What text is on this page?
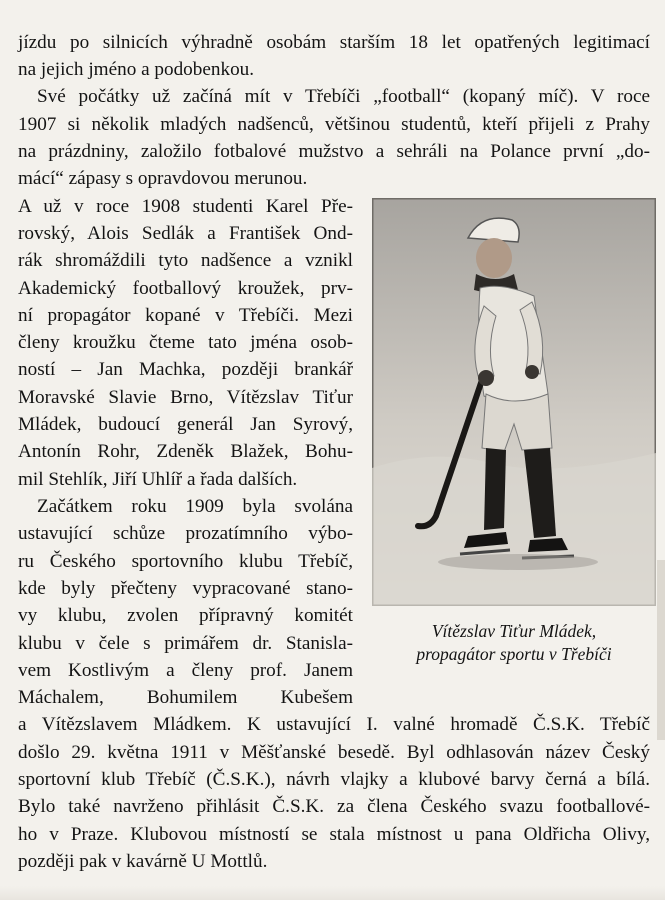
jízdu po silnicích výhradně osobám starším 18 let opatřených legitimací
na jejich jméno a podobenkou.
Své počátky už začíná mít v Třebíči „football“ (kopaný míč). V roce
1907 si několik mladých nadšenců, většinou studentů, kteří přijeli z Prahy
na prázdniny, založilo fotbalové mužstvo a sehráli na Polance první „do-
mácí“ zápasy s opravdovou merunou.
A už v roce 1908 studenti Karel Pře-
rovský, Alois Sedlák a František Ond-
rák shromáždili tyto nadšence a vznikl
Akademický footballový kroužek, prv-
ní propagátor kopané v Třebíči. Mezi
členy kroužku čteme tato jména osob-
ností – Jan Machka, později brankář
Moravské Slavie Brno, Vítězslav Tiťur
Mládek, budoucí generál Jan Syrový,
Antonín Rohr, Zdeněk Blažek, Bohu-
mil Stehlík, Jiří Uhlíř a řada dalších.
Začátkem roku 1909 byla svolána
ustavující schůze prozatímního výbo-
ru Českého sportovního klubu Třebíč,
kde byly přečteny vypracované stano-
vy klubu, zvolen přípravný komitét
klubu v čele s primářem dr. Stanisla-
vem Kostlivým a členy prof. Janem
Máchalem, Bohumilem Kubešem
a Vítězslavem Mládkem. K ustavující I. valné hromadě Č.S.K. Třebíč
došlo 29. května 1911 v Měšťanské besedě. Byl odhlasován název Český
sportovní klub Třebíč (Č.S.K.), návrh vlajky a klubové barvy černá a bílá.
Bylo také navrženo přihlásit Č.S.K. za člena Českého svazu footballové-
ho v Praze. Klubovou místností se stala místnost u pana Oldřicha Olivy,
později pak v kavárně U Mottlů.
Vítězslav Tiťur Mládek,
propagátor sportu v Třebíči
